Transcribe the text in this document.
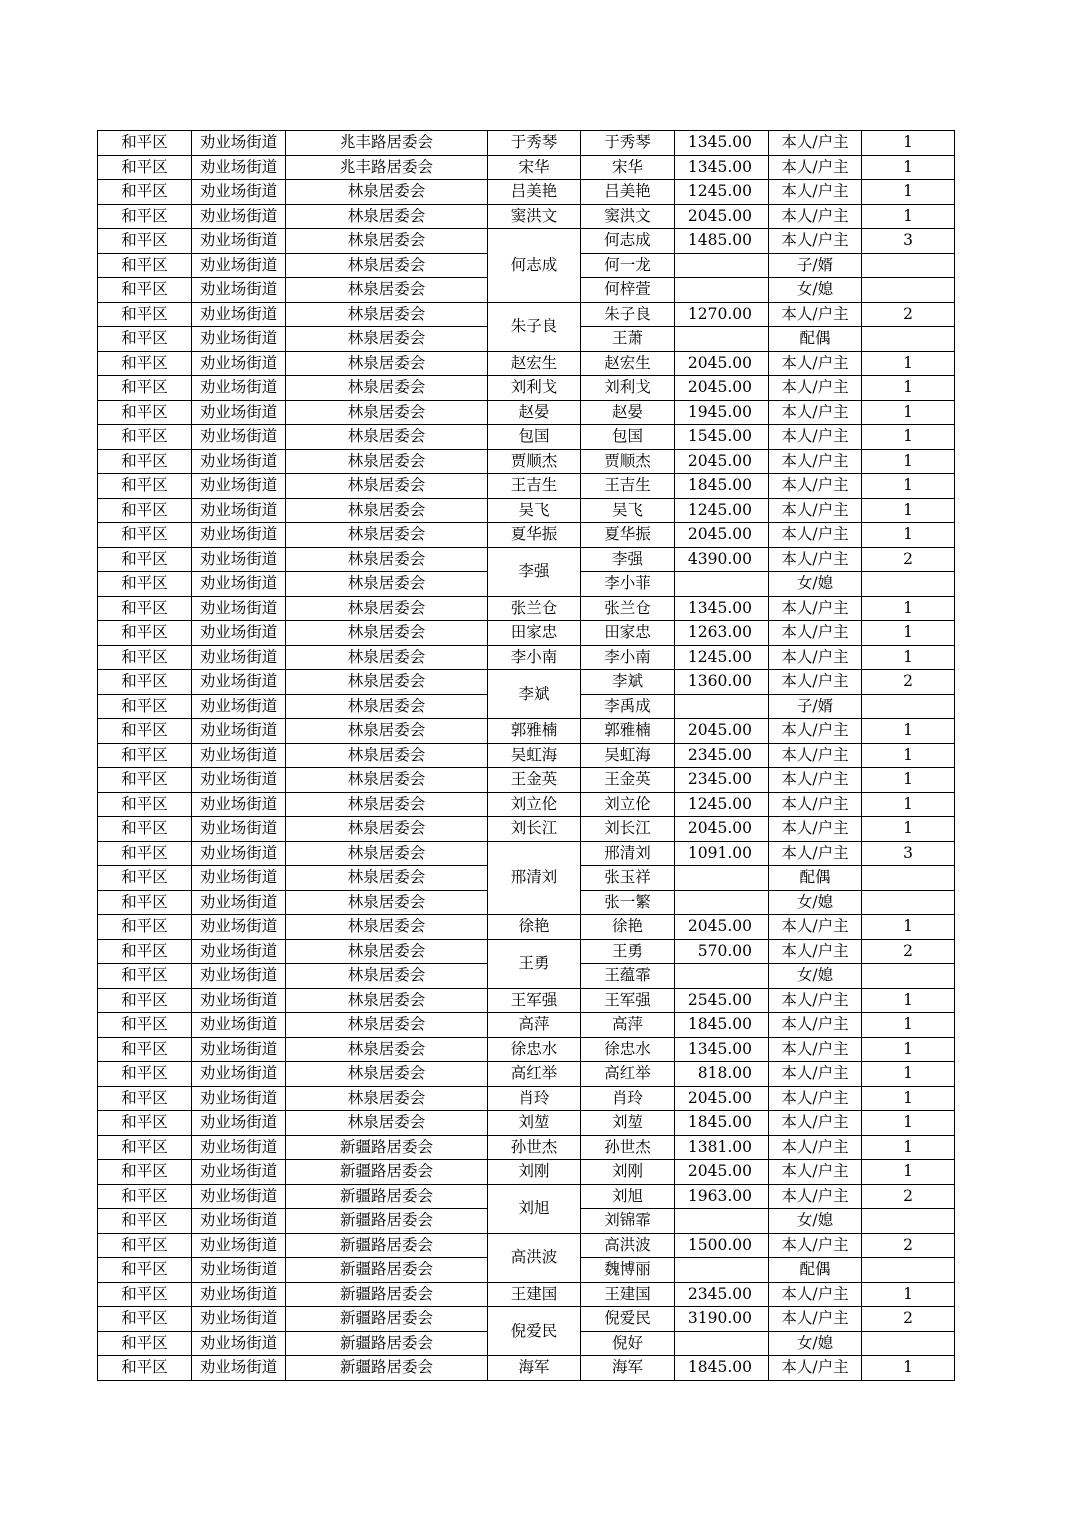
和平区	劝业场街道	兆丰路居委会	于秀琴	于秀琴	1345.00	本人/户主	1
和平区	劝业场街道	兆丰路居委会	宋华	宋华	1345.00	本人/户主	1
和平区	劝业场街道	林泉居委会	吕美艳	吕美艳	1245.00	本人/户主	1
和平区	劝业场街道	林泉居委会	窦洪文	窦洪文	2045.00	本人/户主	1
和平区	劝业场街道	林泉居委会	何志成	何志成	1485.00	本人/户主	3
和平区	劝业场街道	林泉居委会		何一龙		子/婿	
和平区	劝业场街道	林泉居委会		何梓萱		女/媳	
和平区	劝业场街道	林泉居委会	朱子良	朱子良	1270.00	本人/户主	2
和平区	劝业场街道	林泉居委会		王萧		配偶	
和平区	劝业场街道	林泉居委会	赵宏生	赵宏生	2045.00	本人/户主	1
和平区	劝业场街道	林泉居委会	刘利戈	刘利戈	2045.00	本人/户主	1
和平区	劝业场街道	林泉居委会	赵晏	赵晏	1945.00	本人/户主	1
和平区	劝业场街道	林泉居委会	包国	包国	1545.00	本人/户主	1
和平区	劝业场街道	林泉居委会	贾顺杰	贾顺杰	2045.00	本人/户主	1
和平区	劝业场街道	林泉居委会	王吉生	王吉生	1845.00	本人/户主	1
和平区	劝业场街道	林泉居委会	吴飞	吴飞	1245.00	本人/户主	1
和平区	劝业场街道	林泉居委会	夏华振	夏华振	2045.00	本人/户主	1
和平区	劝业场街道	林泉居委会	李强	李强	4390.00	本人/户主	2
和平区	劝业场街道	林泉居委会		李小菲		女/媳	
和平区	劝业场街道	林泉居委会	张兰仓	张兰仓	1345.00	本人/户主	1
和平区	劝业场街道	林泉居委会	田家忠	田家忠	1263.00	本人/户主	1
和平区	劝业场街道	林泉居委会	李小南	李小南	1245.00	本人/户主	1
和平区	劝业场街道	林泉居委会	李斌	李斌	1360.00	本人/户主	2
和平区	劝业场街道	林泉居委会		李禹成		子/婿	
和平区	劝业场街道	林泉居委会	郭雅楠	郭雅楠	2045.00	本人/户主	1
和平区	劝业场街道	林泉居委会	吴虹海	吴虹海	2345.00	本人/户主	1
和平区	劝业场街道	林泉居委会	王金英	王金英	2345.00	本人/户主	1
和平区	劝业场街道	林泉居委会	刘立伦	刘立伦	1245.00	本人/户主	1
和平区	劝业场街道	林泉居委会	刘长江	刘长江	2045.00	本人/户主	1
和平区	劝业场街道	林泉居委会	邢清刘	邢清刘	1091.00	本人/户主	3
和平区	劝业场街道	林泉居委会		张玉祥		配偶	
和平区	劝业场街道	林泉居委会		张一繁		女/媳	
和平区	劝业场街道	林泉居委会	徐艳	徐艳	2045.00	本人/户主	1
和平区	劝业场街道	林泉居委会	王勇	王勇	570.00	本人/户主	2
和平区	劝业场街道	林泉居委会		王蕴霏		女/媳	
和平区	劝业场街道	林泉居委会	王军强	王军强	2545.00	本人/户主	1
和平区	劝业场街道	林泉居委会	高萍	高萍	1845.00	本人/户主	1
和平区	劝业场街道	林泉居委会	徐忠水	徐忠水	1345.00	本人/户主	1
和平区	劝业场街道	林泉居委会	高红举	高红举	818.00	本人/户主	1
和平区	劝业场街道	林泉居委会	肖玲	肖玲	2045.00	本人/户主	1
和平区	劝业场街道	林泉居委会	刘堃	刘堃	1845.00	本人/户主	1
和平区	劝业场街道	新疆路居委会	孙世杰	孙世杰	1381.00	本人/户主	1
和平区	劝业场街道	新疆路居委会	刘刚	刘刚	2045.00	本人/户主	1
和平区	劝业场街道	新疆路居委会	刘旭	刘旭	1963.00	本人/户主	2
和平区	劝业场街道	新疆路居委会		刘锦霏		女/媳	
和平区	劝业场街道	新疆路居委会	高洪波	高洪波	1500.00	本人/户主	2
和平区	劝业场街道	新疆路居委会		魏博丽		配偶	
和平区	劝业场街道	新疆路居委会	王建国	王建国	2345.00	本人/户主	1
和平区	劝业场街道	新疆路居委会	倪爱民	倪爱民	3190.00	本人/户主	2
和平区	劝业场街道	新疆路居委会		倪好		女/媳	
和平区	劝业场街道	新疆路居委会	海军	海军	1845.00	本人/户主	1
